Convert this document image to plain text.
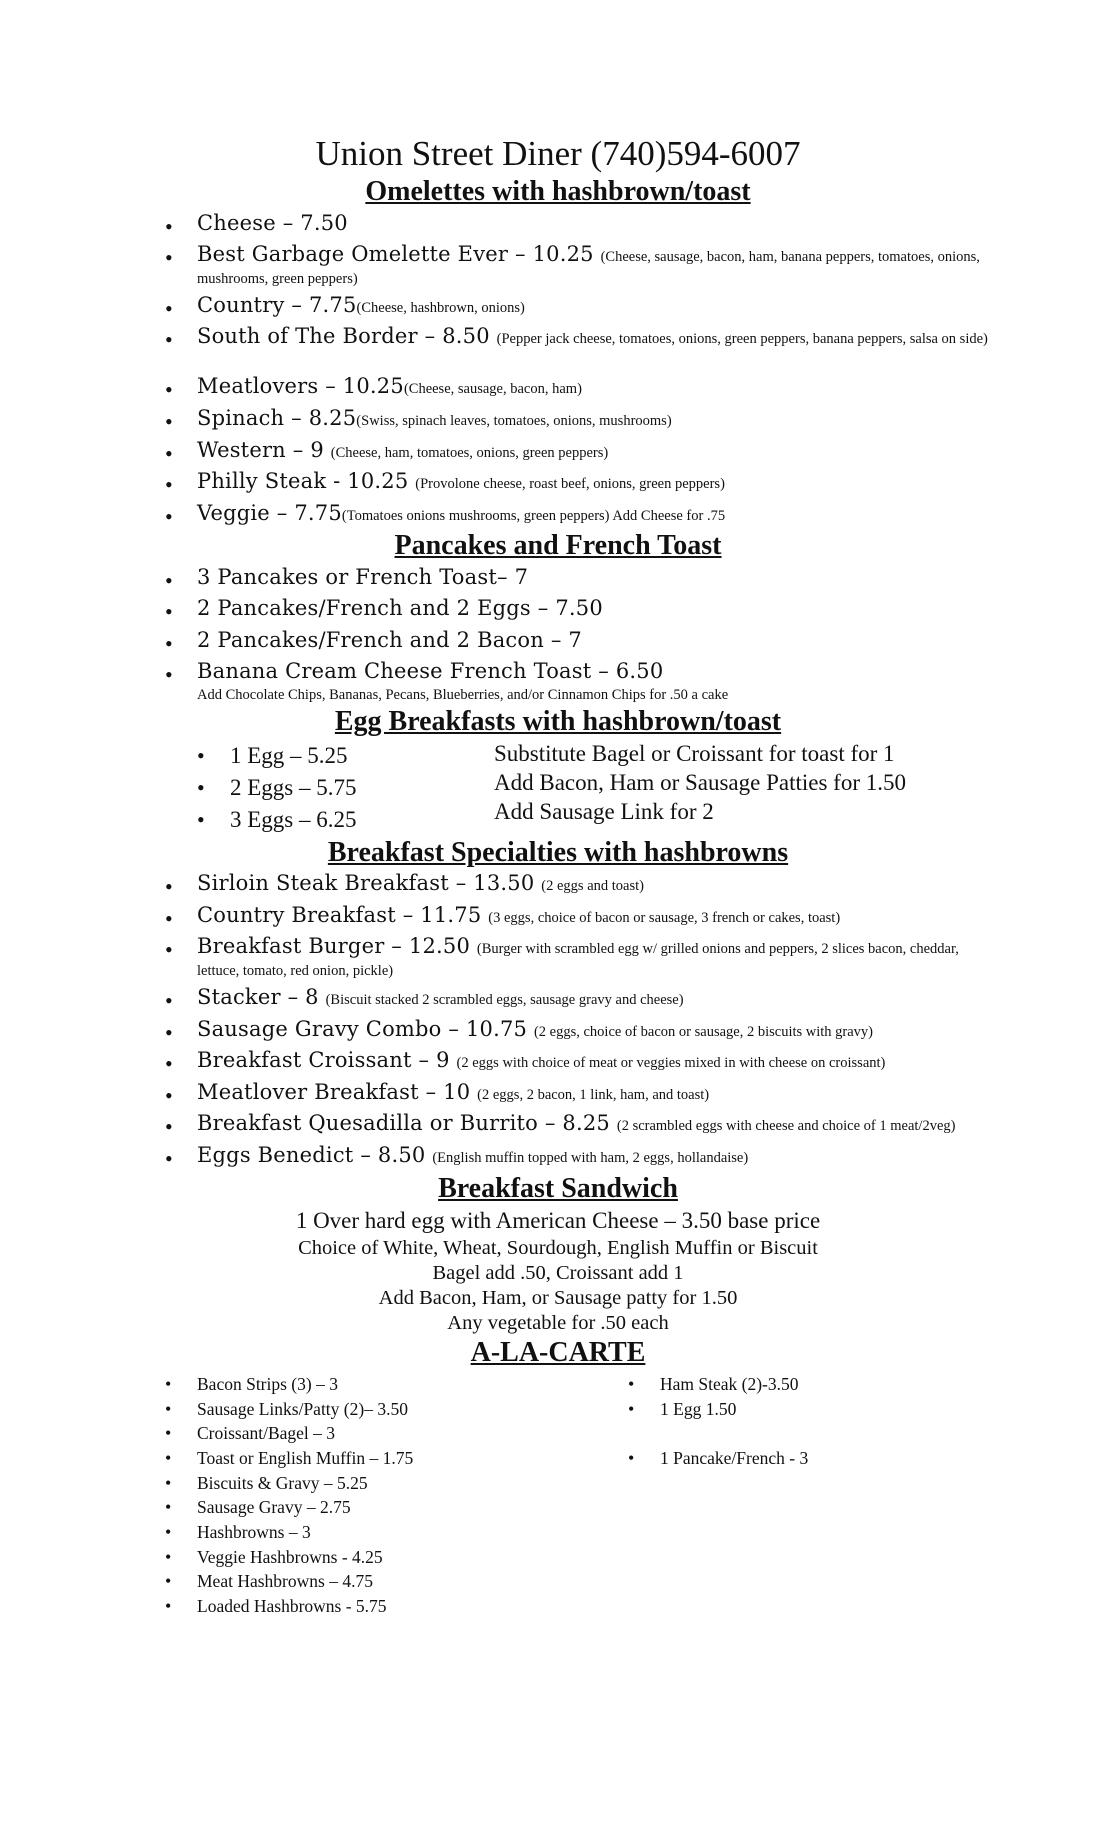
Union Street Diner (740)594-6007
Omelettes with hashbrown/toast
• Cheese – 7.50
• Best Garbage Omelette Ever – 10.25 (Cheese, sausage, bacon, ham, banana peppers, tomatoes, onions, mushrooms, green peppers)
• Country – 7.75(Cheese, hashbrown, onions)
• South of The Border – 8.50 (Pepper jack cheese, tomatoes, onions, green peppers, banana peppers, salsa on side)
• Meatlovers – 10.25(Cheese, sausage, bacon, ham)
• Spinach – 8.25(Swiss, spinach leaves, tomatoes, onions, mushrooms)
• Western – 9 (Cheese, ham, tomatoes, onions, green peppers)
• Philly Steak - 10.25 (Provolone cheese, roast beef, onions, green peppers)
• Veggie – 7.75(Tomatoes onions mushrooms, green peppers) Add Cheese for .75
Pancakes and French Toast
• 3 Pancakes or French Toast– 7
• 2 Pancakes/French and 2 Eggs – 7.50
• 2 Pancakes/French and 2 Bacon – 7
• Banana Cream Cheese French Toast – 6.50
Add Chocolate Chips, Bananas, Pecans, Blueberries, and/or Cinnamon Chips for .50 a cake
Egg Breakfasts with hashbrown/toast
• 1 Egg – 5.25
• 2 Eggs – 5.75
• 3 Eggs – 6.25
Substitute Bagel or Croissant for toast for 1
Add Bacon, Ham or Sausage Patties for 1.50
Add Sausage Link for 2
Breakfast Specialties with hashbrowns
• Sirloin Steak Breakfast – 13.50 (2 eggs and toast)
• Country Breakfast – 11.75 (3 eggs, choice of bacon or sausage, 3 french or cakes, toast)
• Breakfast Burger – 12.50 (Burger with scrambled egg w/ grilled onions and peppers, 2 slices bacon, cheddar, lettuce, tomato, red onion, pickle)
• Stacker – 8 (Biscuit stacked 2 scrambled eggs, sausage gravy and cheese)
• Sausage Gravy Combo – 10.75 (2 eggs, choice of bacon or sausage, 2 biscuits with gravy)
• Breakfast Croissant – 9 (2 eggs with choice of meat or veggies mixed in with cheese on croissant)
• Meatlover Breakfast – 10 (2 eggs, 2 bacon, 1 link, ham, and toast)
• Breakfast Quesadilla or Burrito – 8.25 (2 scrambled eggs with cheese and choice of 1 meat/2veg)
• Eggs Benedict – 8.50 (English muffin topped with ham, 2 eggs, hollandaise)
Breakfast Sandwich
1 Over hard egg with American Cheese – 3.50 base price
Choice of White, Wheat, Sourdough, English Muffin or Biscuit
Bagel add .50, Croissant add 1
Add Bacon, Ham, or Sausage patty for 1.50
Any vegetable for .50 each
A-LA-CARTE
• Bacon Strips (3) – 3
• Sausage Links/Patty (2)– 3.50
• Croissant/Bagel – 3
• Toast or English Muffin – 1.75
• Biscuits & Gravy – 5.25
• Sausage Gravy – 2.75
• Hashbrowns – 3
• Veggie Hashbrowns - 4.25
• Meat Hashbrowns – 4.75
• Loaded Hashbrowns - 5.75
• Ham Steak (2)-3.50
• 1 Egg 1.50
• 1 Pancake/French - 3
